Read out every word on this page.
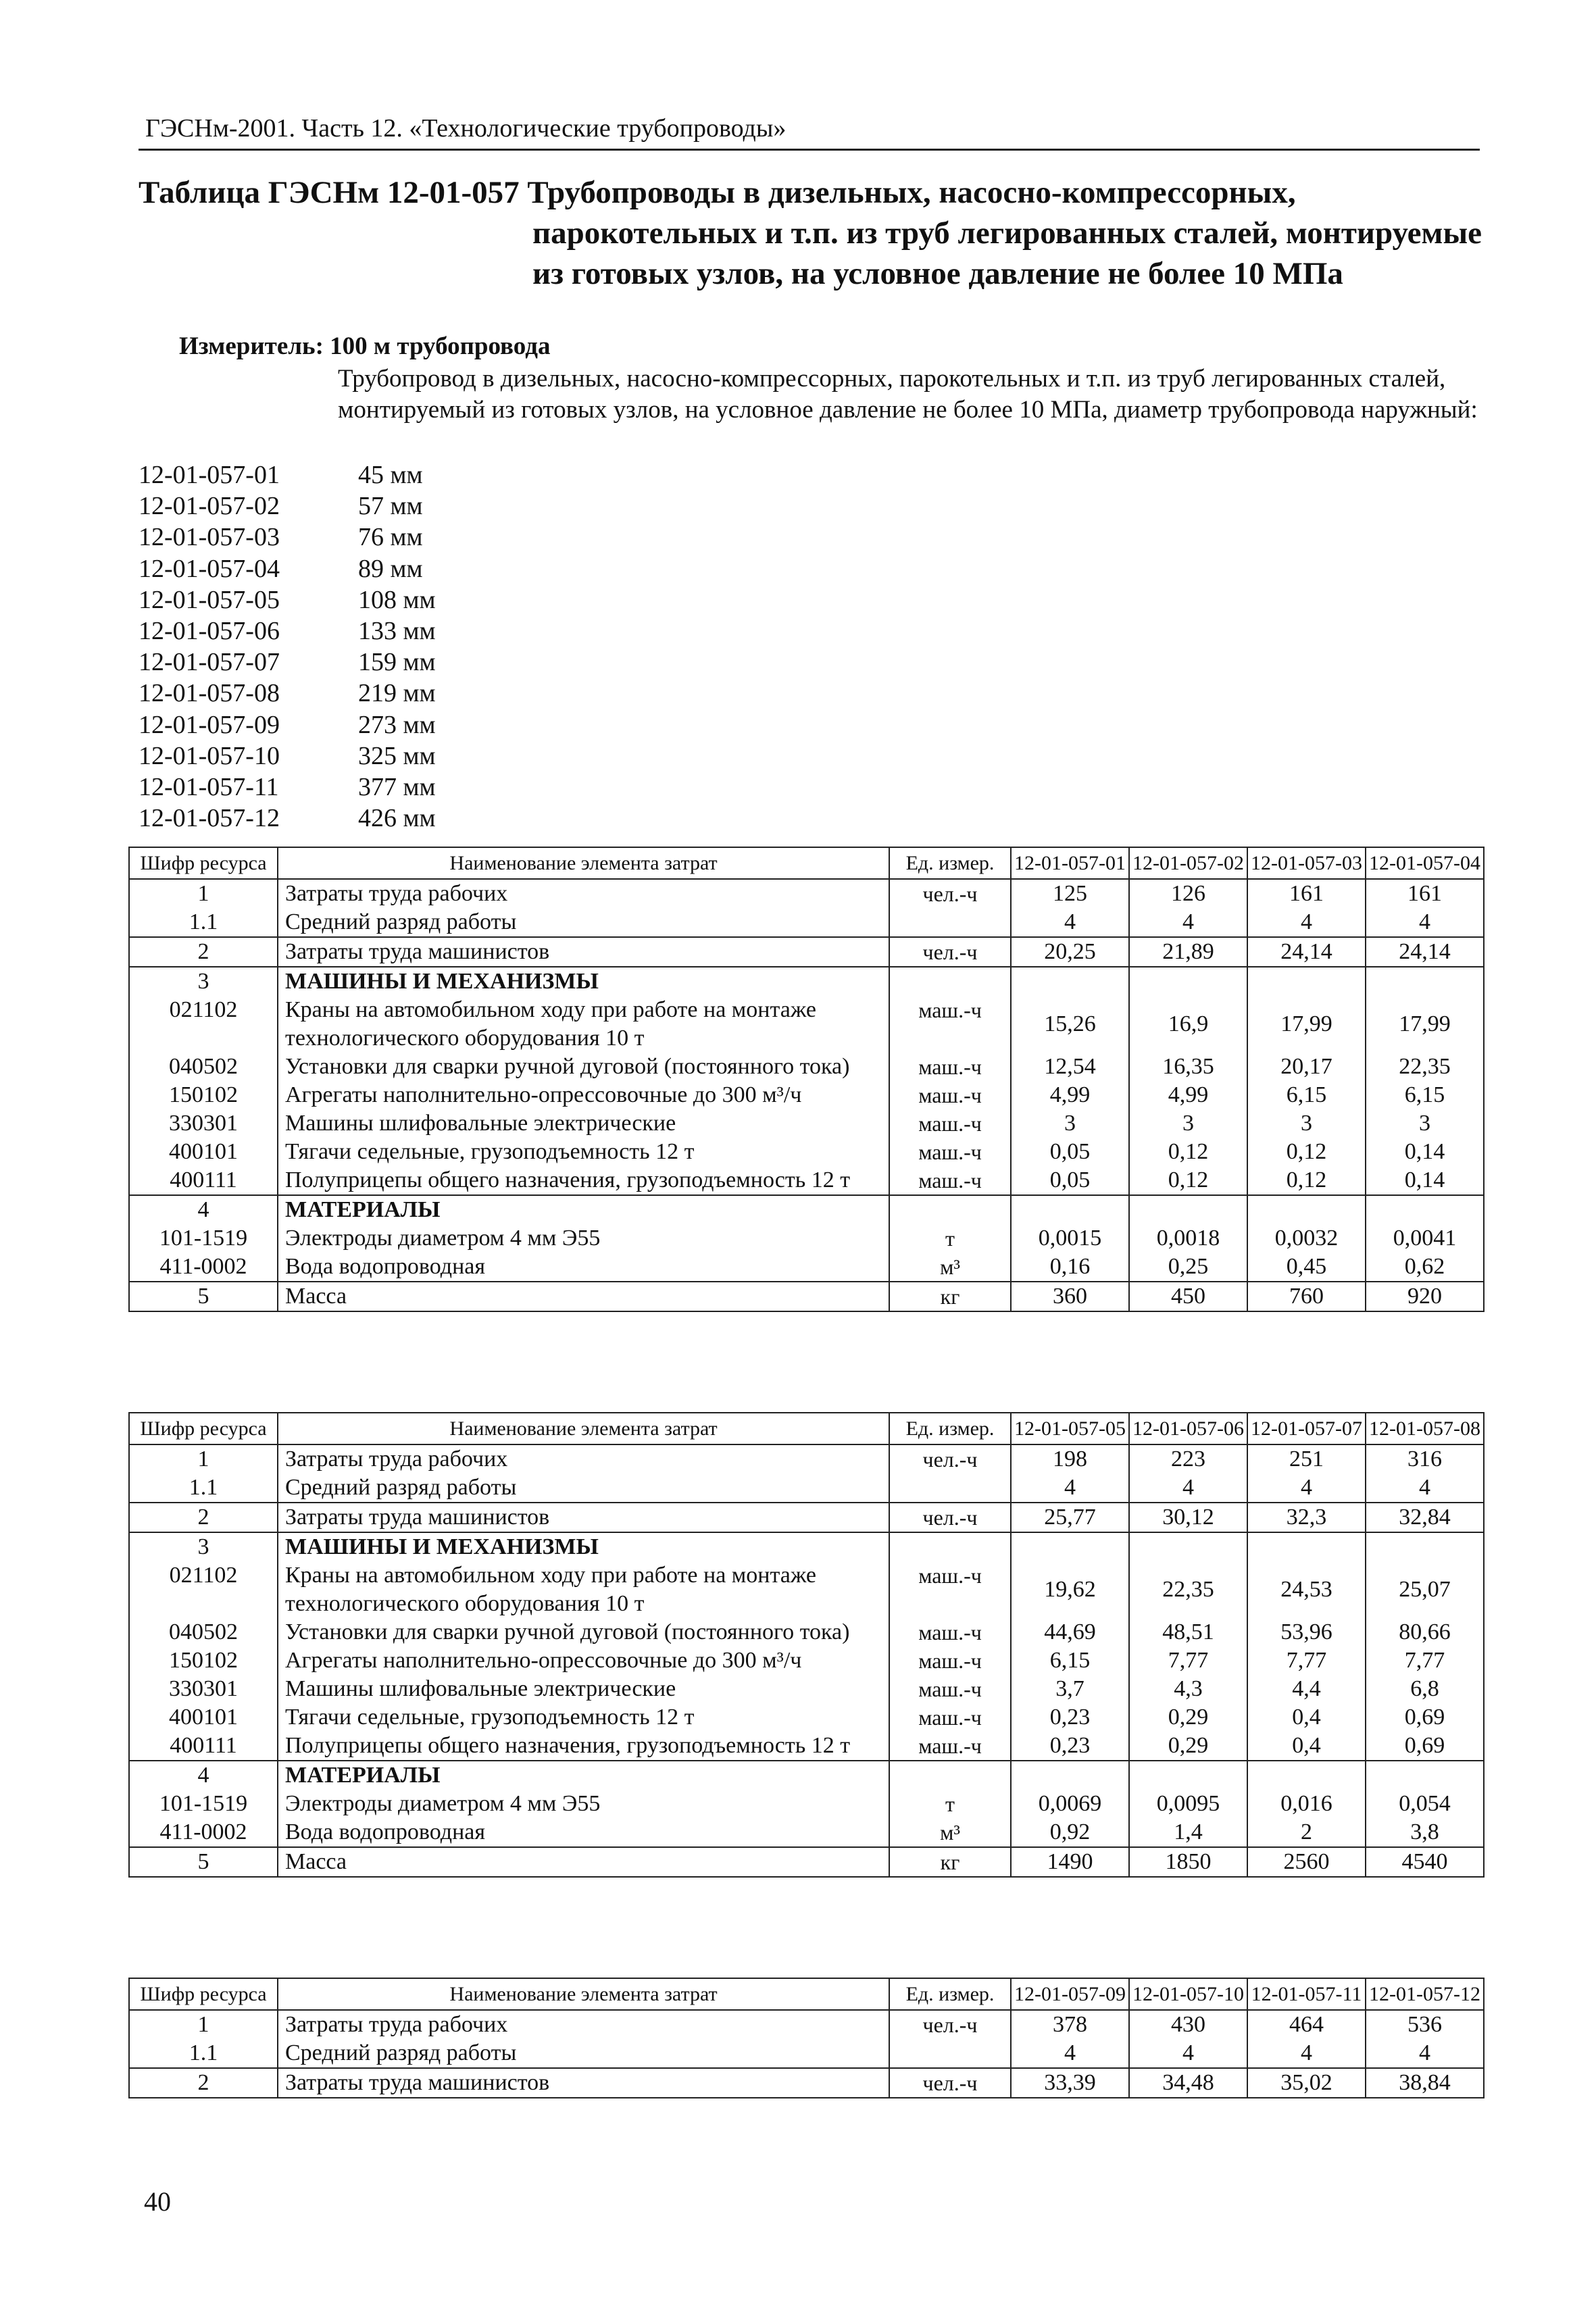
ГЭСНм-2001. Часть 12. «Технологические трубопроводы»
Таблица ГЭСНм 12-01-057 Трубопроводы в дизельных, насосно-компрессорных,
парокотельных и т.п. из труб легированных сталей, монтируемые из готовых узлов, на условное давление не более 10 МПа
Измеритель: 100 м трубопровода
Трубопровод в дизельных, насосно-компрессорных, парокотельных и т.п. из труб легированных сталей, монтируемый из готовых узлов, на условное давление не более 10 МПа, диаметр трубопровода наружный:
12-01-057-01	45 мм
12-01-057-02	57 мм
12-01-057-03	76 мм
12-01-057-04	89 мм
12-01-057-05	108 мм
12-01-057-06	133 мм
12-01-057-07	159 мм
12-01-057-08	219 мм
12-01-057-09	273 мм
12-01-057-10	325 мм
12-01-057-11	377 мм
12-01-057-12	426 мм
Шифр ресурса	Наименование элемента затрат	Ед. измер.	12-01-057-01	12-01-057-02	12-01-057-03	12-01-057-04
1	Затраты труда рабочих	чел.-ч	125	126	161	161
1.1	Средний разряд работы		4	4	4	4
2	Затраты труда машинистов	чел.-ч	20,25	21,89	24,14	24,14
3	МАШИНЫ И МЕХАНИЗМЫ					
021102	Краны на автомобильном ходу при работе на монтаже технологического оборудования 10 т	маш.-ч	15,26	16,9	17,99	17,99
040502	Установки для сварки ручной дуговой (постоянного тока)	маш.-ч	12,54	16,35	20,17	22,35
150102	Агрегаты наполнительно-опрессовочные до 300 м³/ч	маш.-ч	4,99	4,99	6,15	6,15
330301	Машины шлифовальные электрические	маш.-ч	3	3	3	3
400101	Тягачи седельные, грузоподъемность 12 т	маш.-ч	0,05	0,12	0,12	0,14
400111	Полуприцепы общего назначения, грузоподъемность 12 т	маш.-ч	0,05	0,12	0,12	0,14
4	МАТЕРИАЛЫ					
101-1519	Электроды диаметром 4 мм Э55	т	0,0015	0,0018	0,0032	0,0041
411-0002	Вода водопроводная	м³	0,16	0,25	0,45	0,62
5	Масса	кг	360	450	760	920
Шифр ресурса	Наименование элемента затрат	Ед. измер.	12-01-057-05	12-01-057-06	12-01-057-07	12-01-057-08
1	Затраты труда рабочих	чел.-ч	198	223	251	316
1.1	Средний разряд работы		4	4	4	4
2	Затраты труда машинистов	чел.-ч	25,77	30,12	32,3	32,84
3	МАШИНЫ И МЕХАНИЗМЫ					
021102	Краны на автомобильном ходу при работе на монтаже технологического оборудования 10 т	маш.-ч	19,62	22,35	24,53	25,07
040502	Установки для сварки ручной дуговой (постоянного тока)	маш.-ч	44,69	48,51	53,96	80,66
150102	Агрегаты наполнительно-опрессовочные до 300 м³/ч	маш.-ч	6,15	7,77	7,77	7,77
330301	Машины шлифовальные электрические	маш.-ч	3,7	4,3	4,4	6,8
400101	Тягачи седельные, грузоподъемность 12 т	маш.-ч	0,23	0,29	0,4	0,69
400111	Полуприцепы общего назначения, грузоподъемность 12 т	маш.-ч	0,23	0,29	0,4	0,69
4	МАТЕРИАЛЫ					
101-1519	Электроды диаметром 4 мм Э55	т	0,0069	0,0095	0,016	0,054
411-0002	Вода водопроводная	м³	0,92	1,4	2	3,8
5	Масса	кг	1490	1850	2560	4540
Шифр ресурса	Наименование элемента затрат	Ед. измер.	12-01-057-09	12-01-057-10	12-01-057-11	12-01-057-12
1	Затраты труда рабочих	чел.-ч	378	430	464	536
1.1	Средний разряд работы		4	4	4	4
2	Затраты труда машинистов	чел.-ч	33,39	34,48	35,02	38,84
40
